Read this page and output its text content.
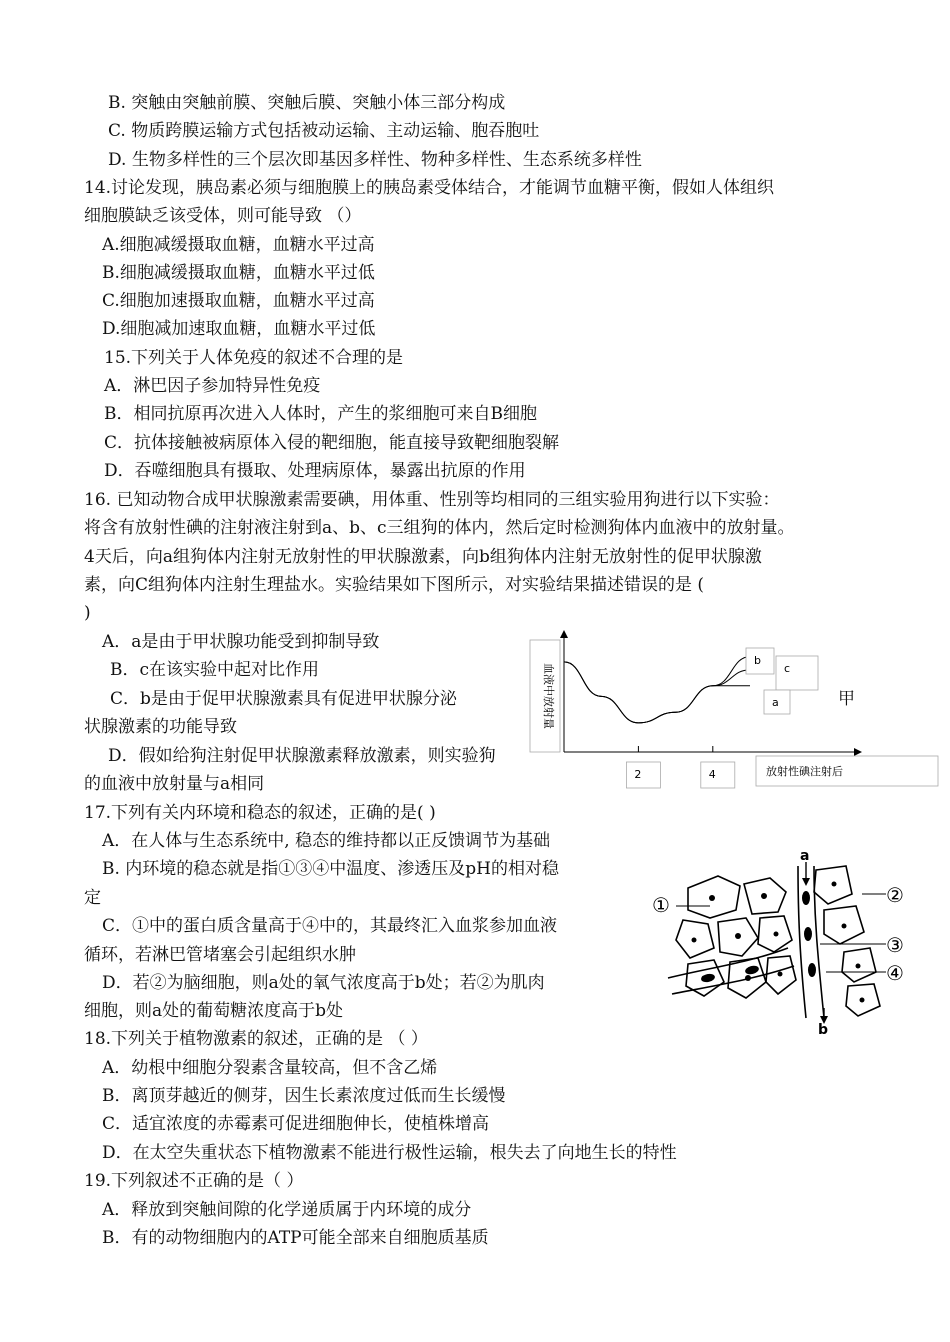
B. 突触由突触前膜、突触后膜、突触小体三部分构成
C. 物质跨膜运输方式包括被动运输、主动运输、胞吞胞吐
D. 生物多样性的三个层次即基因多样性、物种多样性、生态系统多样性
14.讨论发现，胰岛素必须与细胞膜上的胰岛素受体结合，才能调节血糖平衡，假如人体组织
细胞膜缺乏该受体，则可能导致 （）
A.细胞减缓摄取血糖，血糖水平过高
B.细胞减缓摄取血糖，血糖水平过低
C.细胞加速摄取血糖，血糖水平过高
D.细胞减加速取血糖，血糖水平过低
15.下列关于人体免疫的叙述不合理的是
A．淋巴因子参加特异性免疫
B．相同抗原再次进入人体时，产生的浆细胞可来自B细胞
C．抗体接触被病原体入侵的靶细胞，能直接导致靶细胞裂解
D．吞噬细胞具有摄取、处理病原体，暴露出抗原的作用
16. 已知动物合成甲状腺激素需要碘，用体重、性别等均相同的三组实验用狗进行以下实验：
将含有放射性碘的注射液注射到a、b、c三组狗的体内，然后定时检测狗体内血液中的放射量。
4天后，向a组狗体内注射无放射性的甲状腺激素，向b组狗体内注射无放射性的促甲状腺激
素，向C组狗体内注射生理盐水。实验结果如下图所示，对实验结果描述错误的是 (
)
A．a是由于甲状腺功能受到抑制导致
B．c在该实验中起对比作用
C．b是由于促甲状腺激素具有促进甲状腺分泌	甲
状腺激素的功能导致
D．假如给狗注射促甲状腺激素释放激素，则实验狗
的血液中放射量与a相同
17.下列有关内环境和稳态的叙述，正确的是( )
A．在人体与生态系统中, 稳态的维持都以正反馈调节为基础
B. 内环境的稳态就是指①③④中温度、渗透压及pH的相对稳
定
C．①中的蛋白质含量高于④中的，其最终汇入血浆参加血液
循环，若淋巴管堵塞会引起组织水肿
D．若②为脑细胞，则a处的氧气浓度高于b处；若②为肌肉
细胞，则a处的葡萄糖浓度高于b处
18.下列关于植物激素的叙述，正确的是 （ ）
A．幼根中细胞分裂素含量较高，但不含乙烯
B．离顶芽越近的侧芽，因生长素浓度过低而生长缓慢
C．适宜浓度的赤霉素可促进细胞伸长，使植株增高
D．在太空失重状态下植物激素不能进行极性运输，根失去了向地生长的特性
19.下列叙述不正确的是（ ）
A．释放到突触间隙的化学递质属于内环境的成分
B．有的动物细胞内的ATP可能全部来自细胞质基质
血液中放射量
2	4
b
c
a
放射性碘注射后
a
b
①	②
③
④
